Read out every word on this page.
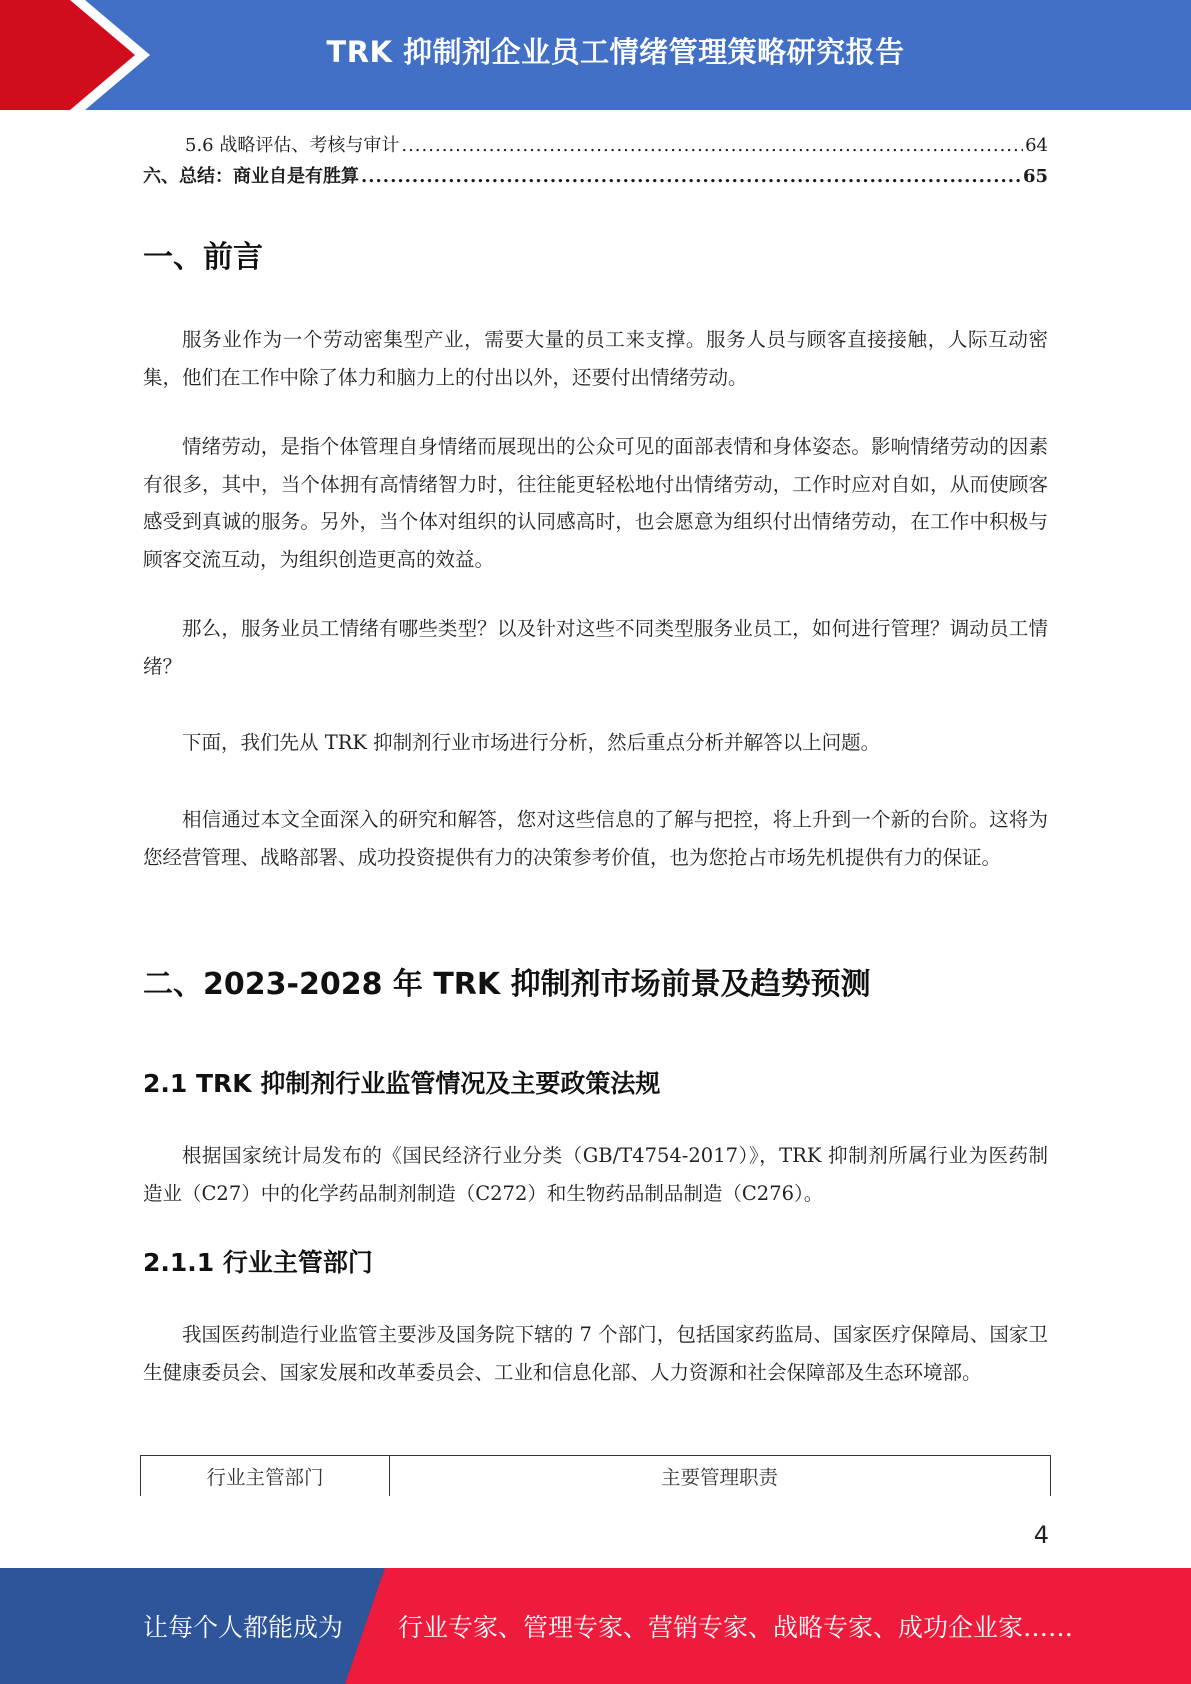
TRK 抑制剂企业员工情绪管理策略研究报告
5.6 战略评估、考核与审计 .....	64
六、总结：商业自是有胜算 .....	65
一、前言

服务业作为一个劳动密集型产业，需要大量的员工来支撑。服务人员与顾客直接接触，人际互动密集，他们在工作中除了体力和脑力上的付出以外，还要付出情绪劳动。

情绪劳动，是指个体管理自身情绪而展现出的公众可见的面部表情和身体姿态。影响情绪劳动的因素有很多，其中，当个体拥有高情绪智力时，往往能更轻松地付出情绪劳动，工作时应对自如，从而使顾客感受到真诚的服务。另外，当个体对组织的认同感高时，也会愿意为组织付出情绪劳动，在工作中积极与顾客交流互动，为组织创造更高的效益。

那么，服务业员工情绪有哪些类型？以及针对这些不同类型服务业员工，如何进行管理？调动员工情绪？

下面，我们先从 TRK 抑制剂行业市场进行分析，然后重点分析并解答以上问题。

相信通过本文全面深入的研究和解答，您对这些信息的了解与把控，将上升到一个新的台阶。这将为您经营管理、战略部署、成功投资提供有力的决策参考价值，也为您抢占市场先机提供有力的保证。

二、2023-2028 年 TRK 抑制剂市场前景及趋势预测
2.1 TRK 抑制剂行业监管情况及主要政策法规

根据国家统计局发布的《国民经济行业分类（GB/T4754-2017）》，TRK 抑制剂所属行业为医药制造业（C27）中的化学药品制剂制造（C272）和生物药品制品制造（C276）。

2.1.1 行业主管部门

我国医药制造行业监管主要涉及国务院下辖的 7 个部门，包括国家药监局、国家医疗保障局、国家卫生健康委员会、国家发展和改革委员会、工业和信息化部、人力资源和社会保障部及生态环境部。

行业主管部门	主要管理职责
4
让每个人都能成为 行业专家、管理专家、营销专家、战略专家、成功企业家……
